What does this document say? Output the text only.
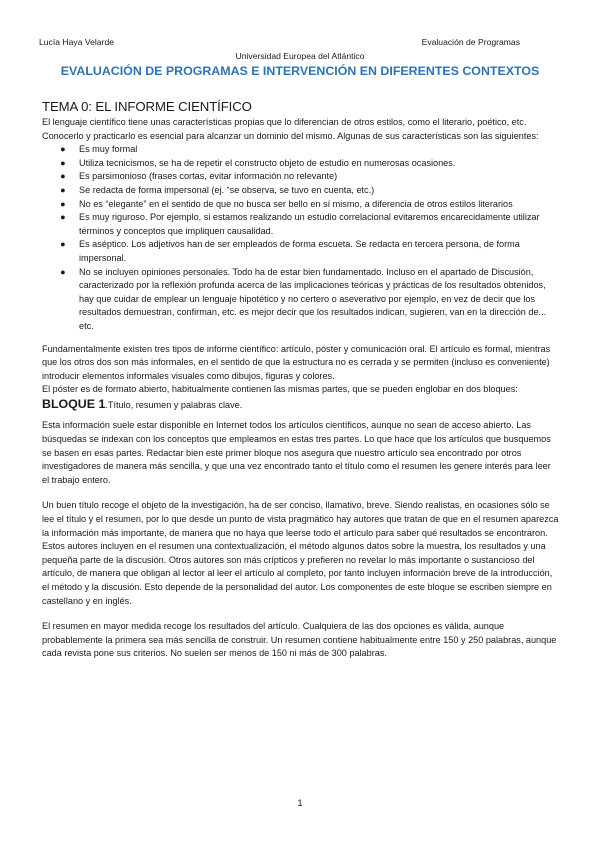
Lucía Haya Velarde	Evaluación de Programas
Universidad Europea del Atlántico
EVALUACIÓN DE PROGRAMAS E INTERVENCIÓN EN DIFERENTES CONTEXTOS
TEMA 0: EL INFORME CIENTÍFICO

El lenguaje científico tiene unas características propias que lo diferencian de otros estilos, como el literario, poético, etc. Conocerlo y practicarlo es esencial para alcanzar un dominio del mismo. Algunas de sus características son las siguientes:

● Es muy formal
● Utiliza tecnicismos, se ha de repetir el constructo objeto de estudio en numerosas ocasiones.
● Es parsimonioso (frases cortas, evitar información no relevante)
● Se redacta de forma impersonal (ej. “se observa, se tuvo en cuenta, etc.)
● No es “elegante” en el sentido de que no busca ser bello en sí mismo, a diferencia de otros estilos literarios
● Es muy riguroso. Por ejemplo, si estamos realizando un estudio correlacional evitaremos encarecidamente utilizar términos y conceptos que impliquen causalidad.
● Es aséptico. Los adjetivos han de ser empleados de forma escueta. Se redacta en tercera persona, de forma impersonal.
● No se incluyen opiniones personales. Todo ha de estar bien fundamentado. Incluso en el apartado de Discusión, caracterizado por la reflexión profunda acerca de las implicaciones teóricas y prácticas de los resultados obtenidos, hay que cuidar de emplear un lenguaje hipotético y no certero o aseverativo por ejemplo, en vez de decir que los resultados demuestran, confirman, etc. es mejor decir que los resultados indican, sugieren, van en la dirección de... etc.

Fundamentalmente existen tres tipos de informe científico: artículo, póster y comunicación oral. El artículo es formal, mientras que los otros dos son más informales, en el sentido de que la estructura no es cerrada y se permiten (incluso es conveniente) introducir elementos informales visuales como dibujos, figuras y colores.

El póster es de formato abierto, habitualmente contienen las mismas partes, que se pueden englobar en dos bloques:

BLOQUE 1.Título, resumen y palabras clave.

Esta información suele estar disponible en Internet todos los artículos científicos, aunque no sean de acceso abierto. Las búsquedas se indexan con los conceptos que empleamos en estas tres partes. Lo que hace que los artículos que busquemos se basen en esas partes. Redactar bien este primer bloque nos asegura que nuestro artículo sea encontrado por otros investigadores de manera más sencilla, y que una vez encontrado tanto el título como el resumen les genere interés para leer el trabajo entero.

Un buen título recoge el objeto de la investigación, ha de ser conciso, llamativo, breve. Siendo realistas, en ocasiones sólo se lee el título y el resumen, por lo que desde un punto de vista pragmático hay autores que tratan de que en el resumen aparezca la información más importante, de manera que no haya que leerse todo el artículo para saber qué resultados se encontraron. Estos autores incluyen en el resumen una contextualización, el método algunos datos sobre la muestra, los resultados y una pequeña parte de la discusión. Otros autores son más crípticos y prefieren no revelar lo más importante o sustancioso del artículo, de manera que obligan al lector al leer el artículo al completo, por tanto incluyen información breve de la introducción, el método y la discusión. Esto depende de la personalidad del autor. Los componentes de este bloque se escriben siempre en castellano y en inglés.

El resumen en mayor medida recoge los resultados del artículo. Cualquiera de las dos opciones es válida, aunque probablemente la primera sea más sencilla de construir. Un resumen contiene habitualmente entre 150 y 250 palabras, aunque cada revista pone sus criterios. No suelen ser menos de 150 ni más de 300 palabras.

1
